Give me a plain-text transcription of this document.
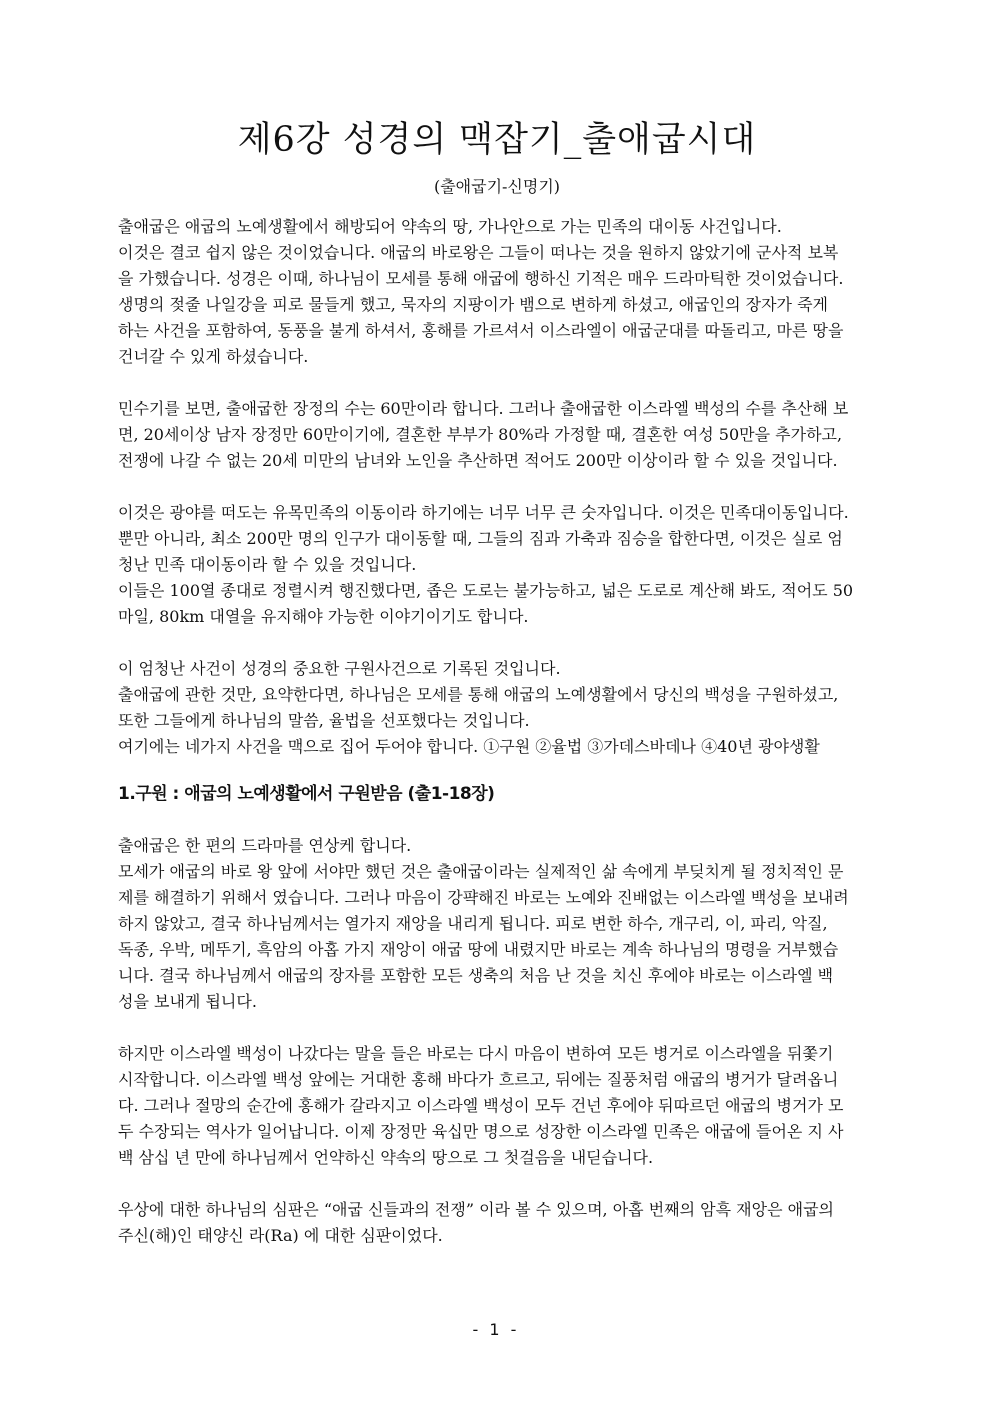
제6강 성경의 맥잡기_출애굽시대

(출애굽기-신명기)

출애굽은 애굽의 노예생활에서 해방되어 약속의 땅, 가나안으로 가는 민족의 대이동 사건입니다.
이것은 결코 쉽지 않은 것이었습니다. 애굽의 바로왕은 그들이 떠나는 것을 원하지 않았기에 군사적 보복
을 가했습니다. 성경은 이때, 하나님이 모세를 통해 애굽에 행하신 기적은 매우 드라마틱한 것이었습니다.
생명의 젖줄 나일강을 피로 물들게 했고, 묵자의 지팡이가 뱀으로 변하게 하셨고, 애굽인의 장자가 죽게
하는 사건을 포함하여, 동풍을 불게 하셔서, 홍해를 가르셔서 이스라엘이 애굽군대를 따돌리고, 마른 땅을
건너갈 수 있게 하셨습니다.

민수기를 보면, 출애굽한 장정의 수는 60만이라 합니다. 그러나 출애굽한 이스라엘 백성의 수를 추산해 보
면, 20세이상 남자 장정만 60만이기에, 결혼한 부부가 80%라 가정할 때, 결혼한 여성 50만을 추가하고,
전쟁에 나갈 수 없는 20세 미만의 남녀와 노인을 추산하면 적어도 200만 이상이라 할 수 있을 것입니다.

이것은 광야를 떠도는 유목민족의 이동이라 하기에는 너무 너무 큰 숫자입니다. 이것은 민족대이동입니다.
뿐만 아니라, 최소 200만 명의 인구가 대이동할 때, 그들의 짐과 가축과 짐승을 합한다면, 이것은 실로 엄
청난 민족 대이동이라 할 수 있을 것입니다.
이들은 100열 종대로 정렬시켜 행진했다면, 좁은 도로는 불가능하고, 넓은 도로로 계산해 봐도, 적어도 50
마일, 80km 대열을 유지해야 가능한 이야기이기도 합니다.

이 엄청난 사건이 성경의 중요한 구원사건으로 기록된 것입니다.
출애굽에 관한 것만, 요약한다면, 하나님은 모세를 통해 애굽의 노예생활에서 당신의 백성을 구원하셨고,
또한 그들에게 하나님의 말씀, 율법을 선포했다는 것입니다.
여기에는 네가지 사건을 맥으로 집어 두어야 합니다. ①구원 ②율법 ③가데스바데나 ④40년 광야생활

1.구원 : 애굽의 노예생활에서 구원받음 (출1-18장)

출애굽은 한 편의 드라마를 연상케 합니다.
모세가 애굽의 바로 왕 앞에 서야만 했던 것은 출애굽이라는 실제적인 삶 속에게 부딪치게 될 정치적인 문
제를 해결하기 위해서 였습니다. 그러나 마음이 강퍅해진 바로는 노예와 진배없는 이스라엘 백성을 보내려
하지 않았고, 결국 하나님께서는 열가지 재앙을 내리게 됩니다. 피로 변한 하수, 개구리, 이, 파리, 악질,
독종, 우박, 메뚜기, 흑암의 아홉 가지 재앙이 애굽 땅에 내렸지만 바로는 계속 하나님의 명령을 거부했습
니다. 결국 하나님께서 애굽의 장자를 포함한 모든 생축의 처음 난 것을 치신 후에야 바로는 이스라엘 백
성을 보내게 됩니다.

하지만 이스라엘 백성이 나갔다는 말을 들은 바로는 다시 마음이 변하여 모든 병거로 이스라엘을 뒤쫓기
시작합니다. 이스라엘 백성 앞에는 거대한 홍해 바다가 흐르고, 뒤에는 질풍처럼 애굽의 병거가 달려옵니
다. 그러나 절망의 순간에 홍해가 갈라지고 이스라엘 백성이 모두 건넌 후에야 뒤따르던 애굽의 병거가 모
두 수장되는 역사가 일어납니다. 이제 장정만 육십만 명으로 성장한 이스라엘 민족은 애굽에 들어온 지 사
백 삼십 년 만에 하나님께서 언약하신 약속의 땅으로 그 첫걸음을 내딛습니다.

우상에 대한 하나님의 심판은 “애굽 신들과의 전쟁” 이라 볼 수 있으며, 아홉 번째의 암흑 재앙은 애굽의
주신(해)인 태양신 라(Ra) 에 대한 심판이었다.

- 1 -
